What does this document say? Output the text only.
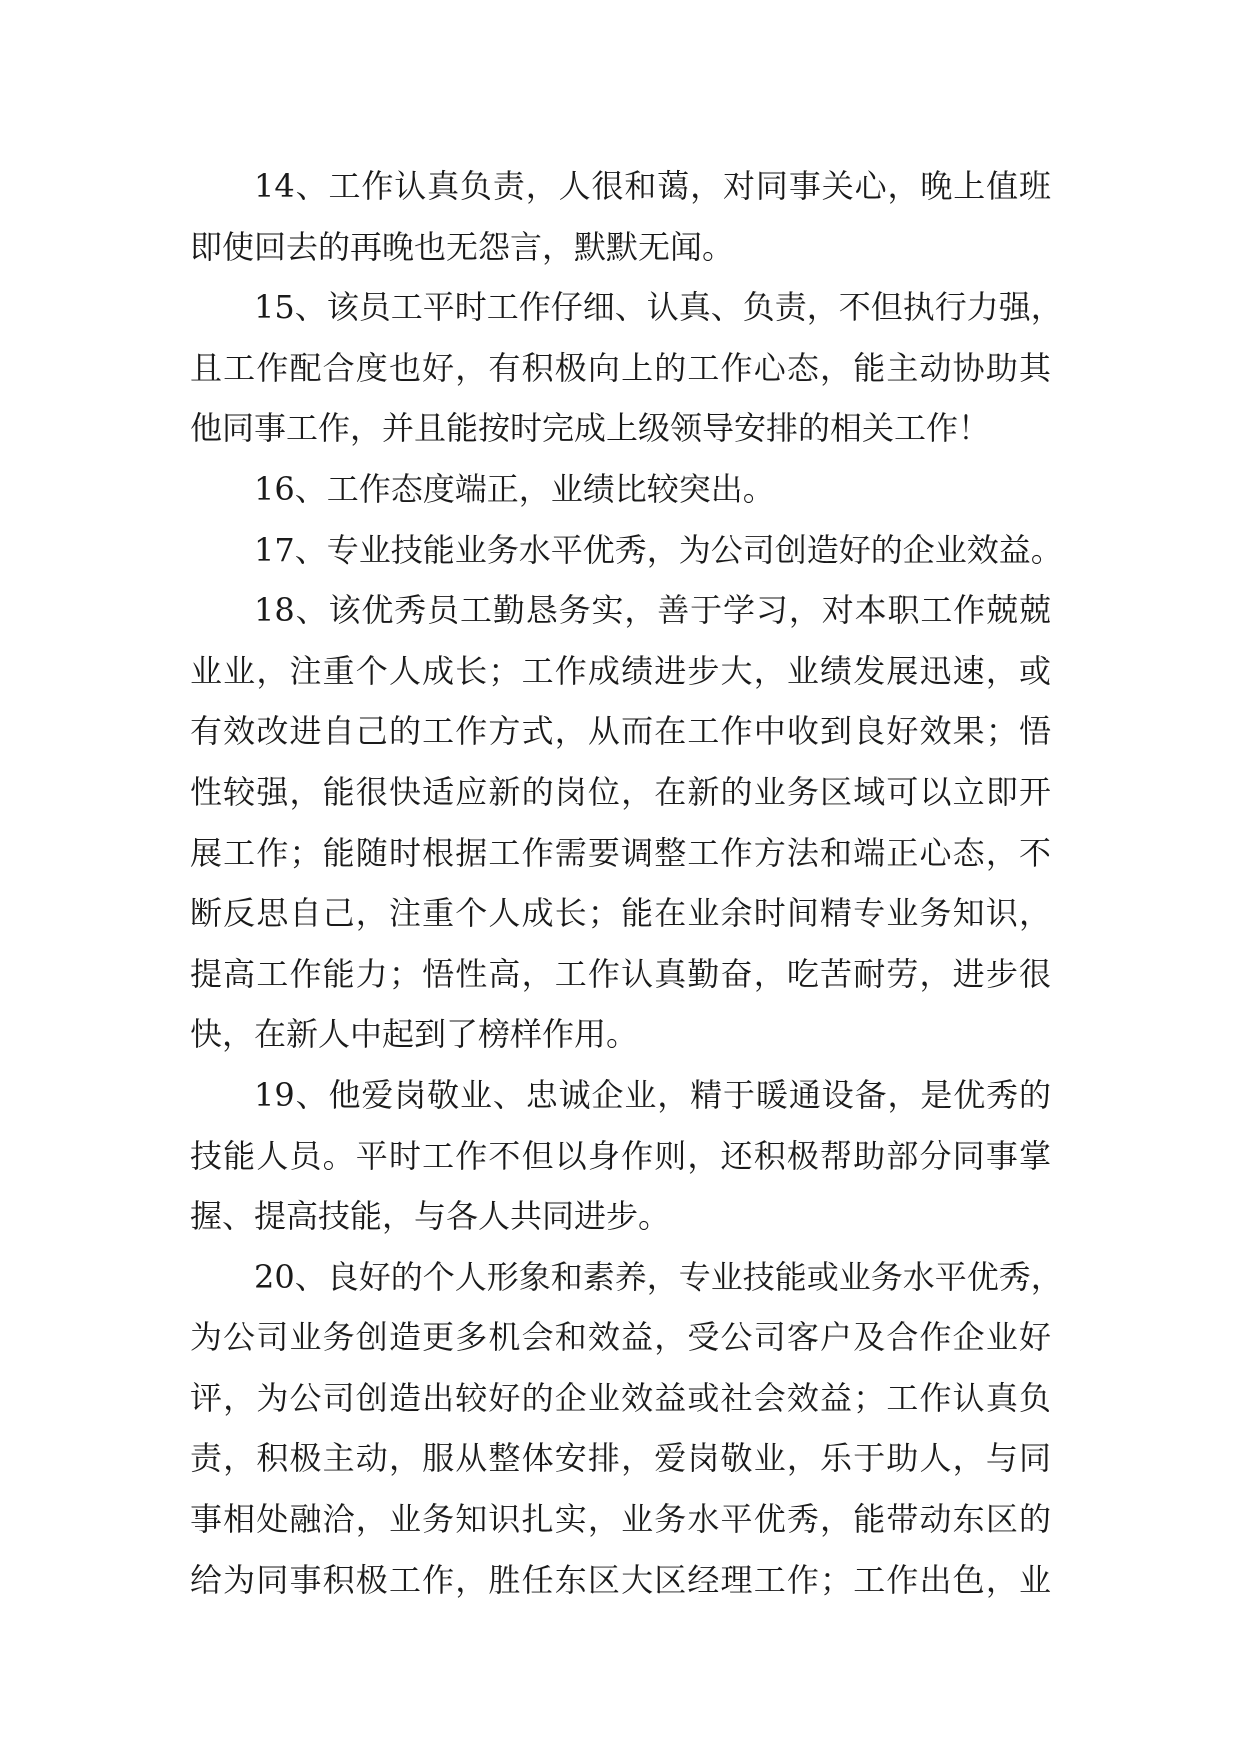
14、工作认真负责，人很和蔼，对同事关心，晚上值班
即使回去的再晚也无怨言，默默无闻。

15、该员工平时工作仔细、认真、负责，不但执行力强，
且工作配合度也好，有积极向上的工作心态，能主动协助其
他同事工作，并且能按时完成上级领导安排的相关工作！

16、工作态度端正，业绩比较突出。

17、专业技能业务水平优秀，为公司创造好的企业效益。

18、该优秀员工勤恳务实，善于学习，对本职工作兢兢
业业，注重个人成长；工作成绩进步大，业绩发展迅速，或
有效改进自己的工作方式，从而在工作中收到良好效果；悟
性较强，能很快适应新的岗位，在新的业务区域可以立即开
展工作；能随时根据工作需要调整工作方法和端正心态，不
断反思自己，注重个人成长；能在业余时间精专业务知识，
提高工作能力；悟性高，工作认真勤奋，吃苦耐劳，进步很
快，在新人中起到了榜样作用。

19、他爱岗敬业、忠诚企业，精于暖通设备，是优秀的
技能人员。平时工作不但以身作则，还积极帮助部分同事掌
握、提高技能，与各人共同进步。

20、良好的个人形象和素养，专业技能或业务水平优秀，
为公司业务创造更多机会和效益，受公司客户及合作企业好
评，为公司创造出较好的企业效益或社会效益；工作认真负
责，积极主动，服从整体安排，爱岗敬业，乐于助人，与同
事相处融洽，业务知识扎实，业务水平优秀，能带动东区的
给为同事积极工作，胜任东区大区经理工作；工作出色，业
